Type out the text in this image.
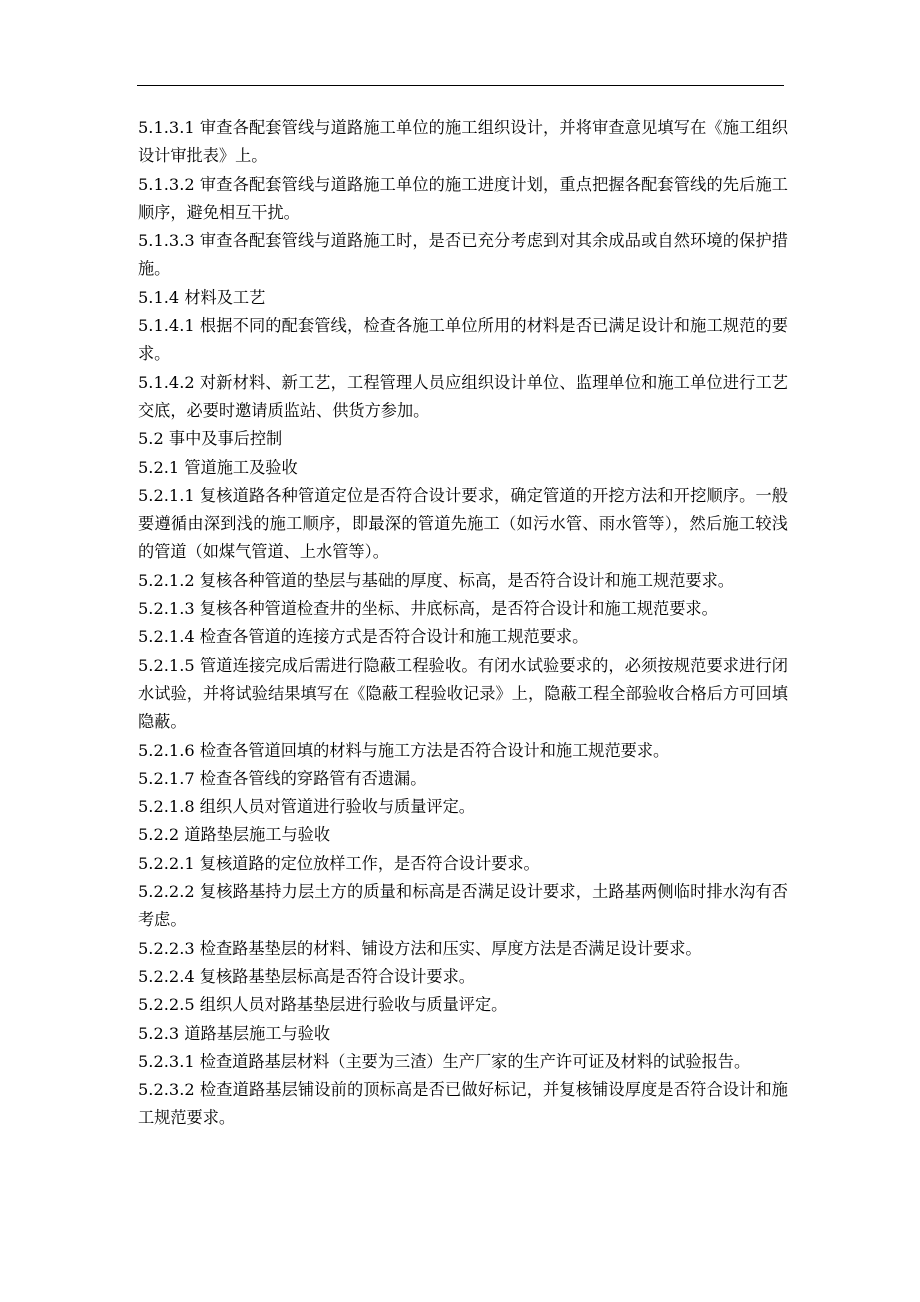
5.1.3.1 审查各配套管线与道路施工单位的施工组织设计，并将审查意见填写在《施工组织设计审批表》上。

5.1.3.2 审查各配套管线与道路施工单位的施工进度计划，重点把握各配套管线的先后施工顺序，避免相互干扰。

5.1.3.3 审查各配套管线与道路施工时，是否已充分考虑到对其余成品或自然环境的保护措施。

5.1.4 材料及工艺

5.1.4.1 根据不同的配套管线，检查各施工单位所用的材料是否已满足设计和施工规范的要求。

5.1.4.2 对新材料、新工艺，工程管理人员应组织设计单位、监理单位和施工单位进行工艺交底，必要时邀请质监站、供货方参加。

5.2 事中及事后控制

5.2.1 管道施工及验收

5.2.1.1 复核道路各种管道定位是否符合设计要求，确定管道的开挖方法和开挖顺序。一般要遵循由深到浅的施工顺序，即最深的管道先施工（如污水管、雨水管等），然后施工较浅的管道（如煤气管道、上水管等）。

5.2.1.2 复核各种管道的垫层与基础的厚度、标高，是否符合设计和施工规范要求。

5.2.1.3 复核各种管道检查井的坐标、井底标高，是否符合设计和施工规范要求。

5.2.1.4 检查各管道的连接方式是否符合设计和施工规范要求。

5.2.1.5 管道连接完成后需进行隐蔽工程验收。有闭水试验要求的，必须按规范要求进行闭水试验，并将试验结果填写在《隐蔽工程验收记录》上，隐蔽工程全部验收合格后方可回填隐蔽。

5.2.1.6 检查各管道回填的材料与施工方法是否符合设计和施工规范要求。

5.2.1.7 检查各管线的穿路管有否遗漏。

5.2.1.8 组织人员对管道进行验收与质量评定。

5.2.2 道路垫层施工与验收

5.2.2.1 复核道路的定位放样工作，是否符合设计要求。

5.2.2.2 复核路基持力层土方的质量和标高是否满足设计要求，土路基两侧临时排水沟有否考虑。

5.2.2.3 检查路基垫层的材料、铺设方法和压实、厚度方法是否满足设计要求。

5.2.2.4 复核路基垫层标高是否符合设计要求。

5.2.2.5 组织人员对路基垫层进行验收与质量评定。

5.2.3 道路基层施工与验收

5.2.3.1 检查道路基层材料（主要为三渣）生产厂家的生产许可证及材料的试验报告。

5.2.3.2 检查道路基层铺设前的顶标高是否已做好标记，并复核铺设厚度是否符合设计和施工规范要求。
